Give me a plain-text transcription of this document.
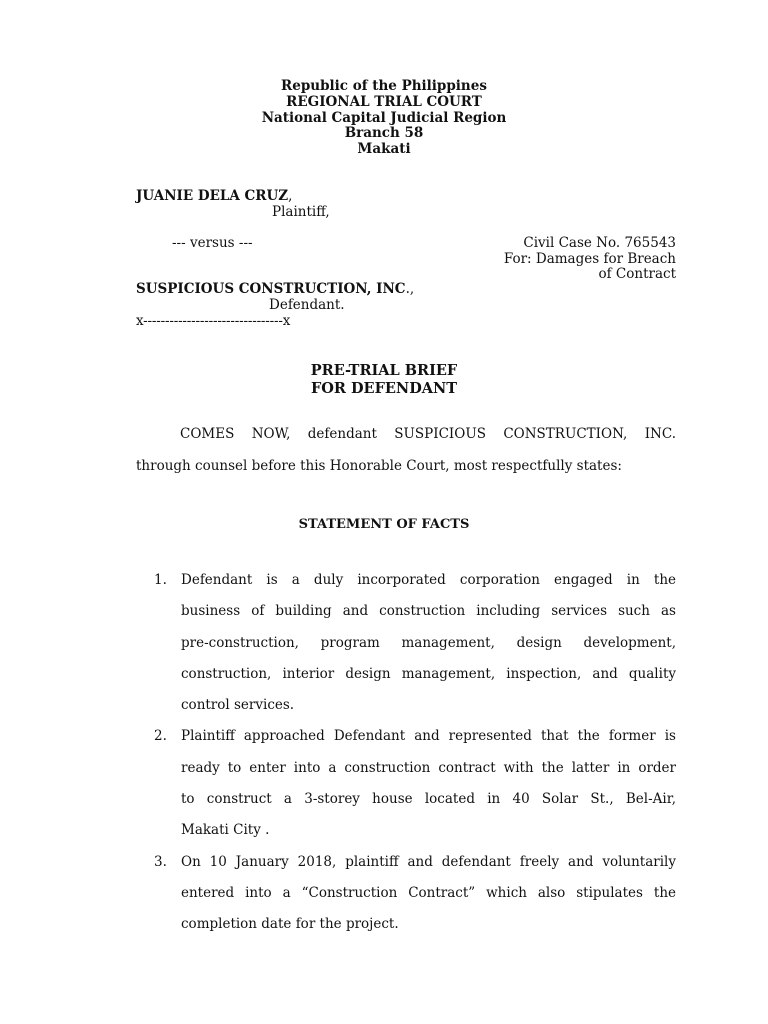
Republic of the Philippines
REGIONAL TRIAL COURT
National Capital Judicial Region
Branch 58
Makati
JUANIE DELA CRUZ,
Plaintiff,
--- versus ---	Civil Case No. 765543
For: Damages for Breach
of Contract
SUSPICIOUS CONSTRUCTION, INC.,
Defendant.
x--------------------------------x
PRE-TRIAL BRIEF
FOR DEFENDANT
COMES NOW, defendant SUSPICIOUS CONSTRUCTION, INC.
through counsel before this Honorable Court, most respectfully states:
STATEMENT OF FACTS
1. Defendant is a duly incorporated corporation engaged in the
business of building and construction including services such as
pre-construction, program management, design development,
construction, interior design management, inspection, and quality
control services.
2. Plaintiff approached Defendant and represented that the former is
ready to enter into a construction contract with the latter in order
to construct a 3-storey house located in 40 Solar St., Bel-Air,
Makati City .
3. On 10 January 2018, plaintiff and defendant freely and voluntarily
entered into a “Construction Contract” which also stipulates the
completion date for the project.
